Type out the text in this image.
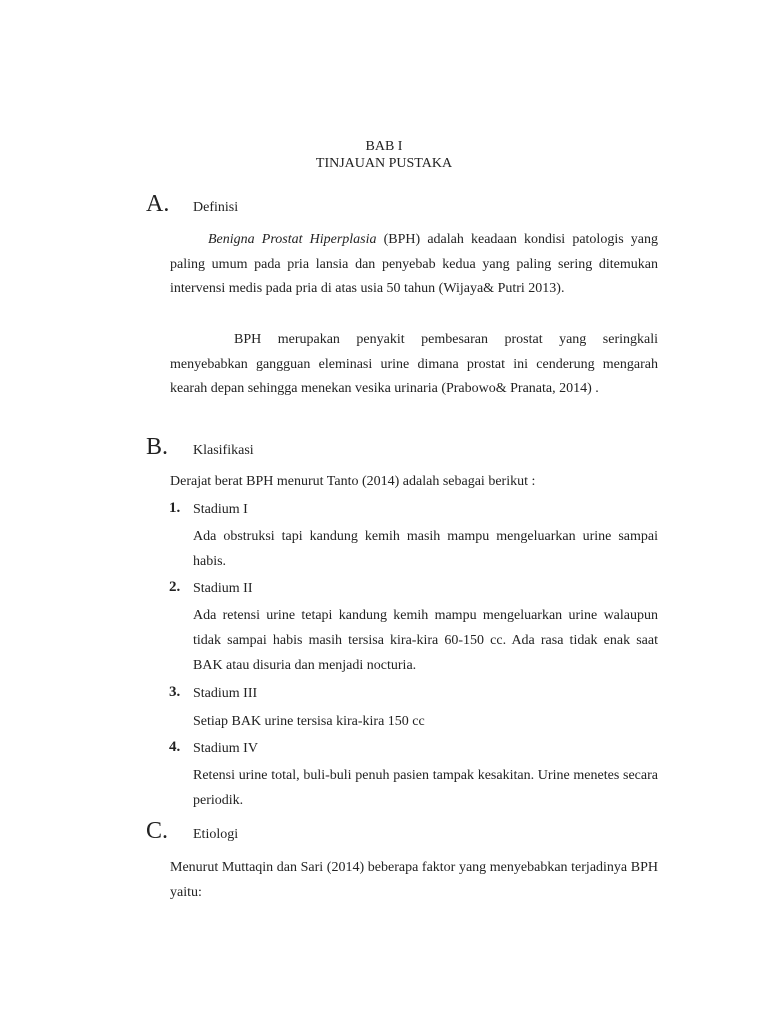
BAB I
TINJAUAN PUSTAKA
A. Definisi

Benigna Prostat Hiperplasia (BPH) adalah keadaan kondisi patologis yang paling umum pada pria lansia dan penyebab kedua yang paling sering ditemukan intervensi medis pada pria di atas usia 50 tahun (Wijaya& Putri 2013).

BPH merupakan penyakit pembesaran prostat yang seringkali menyebabkan gangguan eleminasi urine dimana prostat ini cenderung mengarah kearah depan sehingga menekan vesika urinaria (Prabowo& Pranata, 2014) .

B. Klasifikasi
Derajat berat BPH menurut Tanto (2014) adalah sebagai berikut :
1. Stadium I

Ada obstruksi tapi kandung kemih masih mampu mengeluarkan urine sampai habis.

2. Stadium II

Ada retensi urine tetapi kandung kemih mampu mengeluarkan urine walaupun tidak sampai habis masih tersisa kira-kira 60-150 cc. Ada rasa tidak enak saat BAK atau disuria dan menjadi nocturia.

3. Stadium III
Setiap BAK urine tersisa kira-kira 150 cc
4. Stadium IV

Retensi urine total, buli-buli penuh pasien tampak kesakitan. Urine menetes secara periodik.

C. Etiologi

Menurut Muttaqin dan Sari (2014) beberapa faktor yang menyebabkan terjadinya BPH yaitu:
